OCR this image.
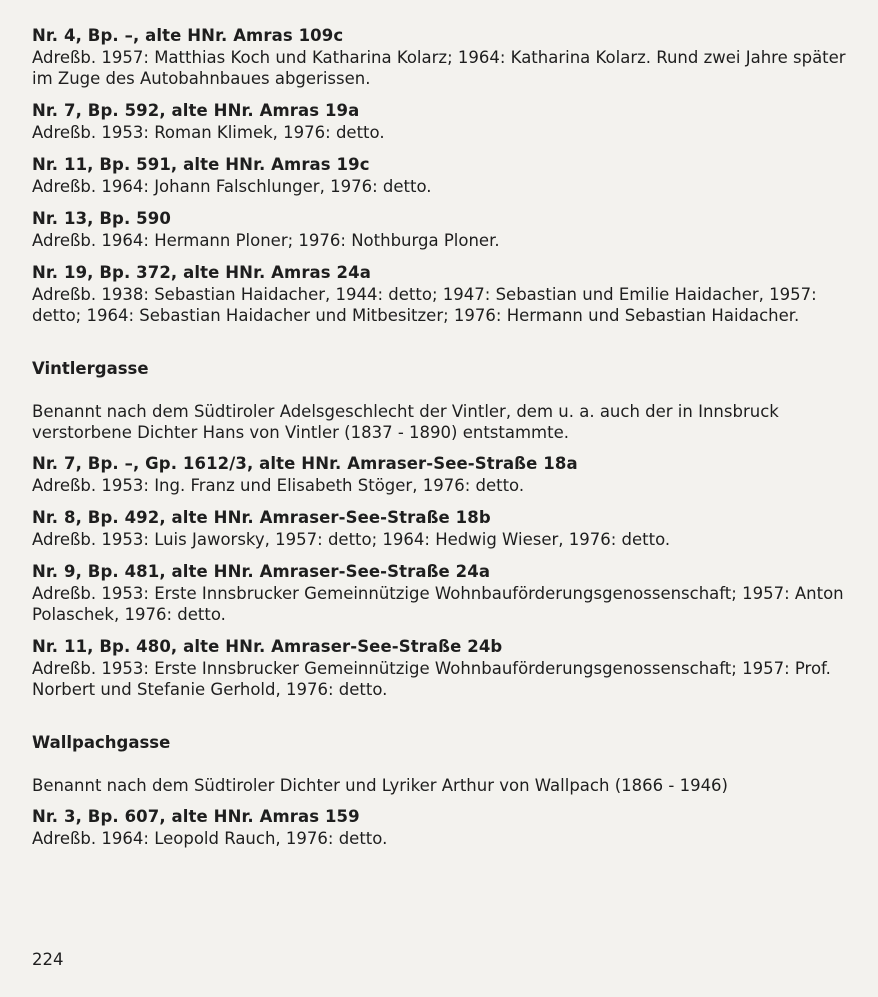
Nr. 4, Bp. –, alte HNr. Amras 109c
Adreßb. 1957: Matthias Koch und Katharina Kolarz; 1964: Katharina Kolarz. Rund zwei Jahre später im Zuge des Autobahnbaues abgerissen.
Nr. 7, Bp. 592, alte HNr. Amras 19a
Adreßb. 1953: Roman Klimek, 1976: detto.
Nr. 11, Bp. 591, alte HNr. Amras 19c
Adreßb. 1964: Johann Falschlunger, 1976: detto.
Nr. 13, Bp. 590
Adreßb. 1964: Hermann Ploner; 1976: Nothburga Ploner.
Nr. 19, Bp. 372, alte HNr. Amras 24a
Adreßb. 1938: Sebastian Haidacher, 1944: detto; 1947: Sebastian und Emilie Haidacher, 1957: detto; 1964: Sebastian Haidacher und Mitbesitzer; 1976: Hermann und Sebastian Haidacher.
Vintlergasse
Benannt nach dem Südtiroler Adelsgeschlecht der Vintler, dem u. a. auch der in Innsbruck verstorbene Dichter Hans von Vintler (1837 - 1890) entstammte.
Nr. 7, Bp. –, Gp. 1612/3, alte HNr. Amraser-See-Straße 18a
Adreßb. 1953: Ing. Franz und Elisabeth Stöger, 1976: detto.
Nr. 8, Bp. 492, alte HNr. Amraser-See-Straße 18b
Adreßb. 1953: Luis Jaworsky, 1957: detto; 1964: Hedwig Wieser, 1976: detto.
Nr. 9, Bp. 481, alte HNr. Amraser-See-Straße 24a
Adreßb. 1953: Erste Innsbrucker Gemeinnützige Wohnbauförderungsgenossenschaft; 1957: Anton Polaschek, 1976: detto.
Nr. 11, Bp. 480, alte HNr. Amraser-See-Straße 24b
Adreßb. 1953: Erste Innsbrucker Gemeinnützige Wohnbauförderungsgenossenschaft; 1957: Prof. Norbert und Stefanie Gerhold, 1976: detto.
Wallpachgasse
Benannt nach dem Südtiroler Dichter und Lyriker Arthur von Wallpach (1866 - 1946)
Nr. 3, Bp. 607, alte HNr. Amras 159
Adreßb. 1964: Leopold Rauch, 1976: detto.
224
